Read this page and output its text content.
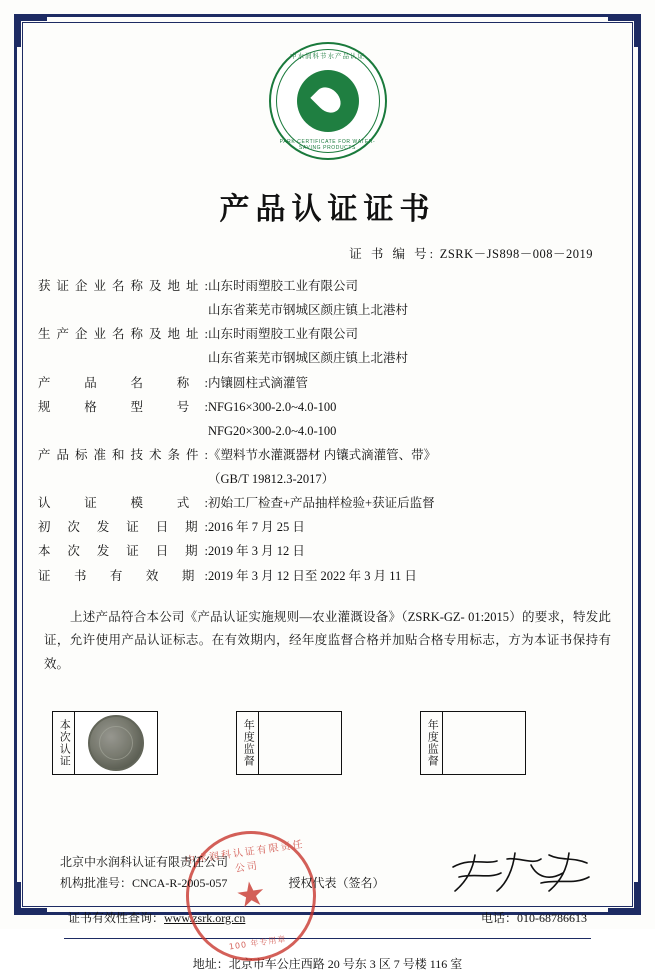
中水润科节水产品认证
PARK CERTIFICATE FOR WATER-SAVING PRODUCTS
产品认证证书
证 书 编 号: ZSRK－JS898－008－2019
获证企业名称及地址:	山东时雨塑胶工业有限公司
	山东省莱芜市钢城区颜庄镇上北港村
生产企业名称及地址:	山东时雨塑胶工业有限公司
	山东省莱芜市钢城区颜庄镇上北港村
产 品 名 称:	内镶圆柱式滴灌管
规 格 型 号:	NFG16×300-2.0~4.0-100
	NFG20×300-2.0~4.0-100
产品标准和技术条件:	《塑料节水灌溉器材 内镶式滴灌管、带》
	（GB/T 19812.3-2017）
认 证 模 式:	初始工厂检查+产品抽样检验+获证后监督
初 次 发 证 日 期:	2016 年 7 月 25 日
本 次 发 证 日 期:	2019 年 3 月 12 日
证 书 有 效 期:	2019 年 3 月 12 日至 2022 年 3 月 11 日

上述产品符合本公司《产品认证实施规则—农业灌溉设备》（ZSRK-GZ- 01:2015）的要求，特发此证，允许使用产品认证标志。在有效期内，经年度监督合格并加贴合格专用标志，方为本证书保持有效。

本次认证	年度监督	年度监督
中水润科认证有限责任公司
★
100 年专用章
北京中水润科认证有限责任公司
机构批准号：CNCA-R-2005-057	授权代表（签名）
证书有效性查询：www.zsrk.org.cn	电话：010-68786613
地址：北京市车公庄西路 20 号东 3 区 7 号楼 116 室
